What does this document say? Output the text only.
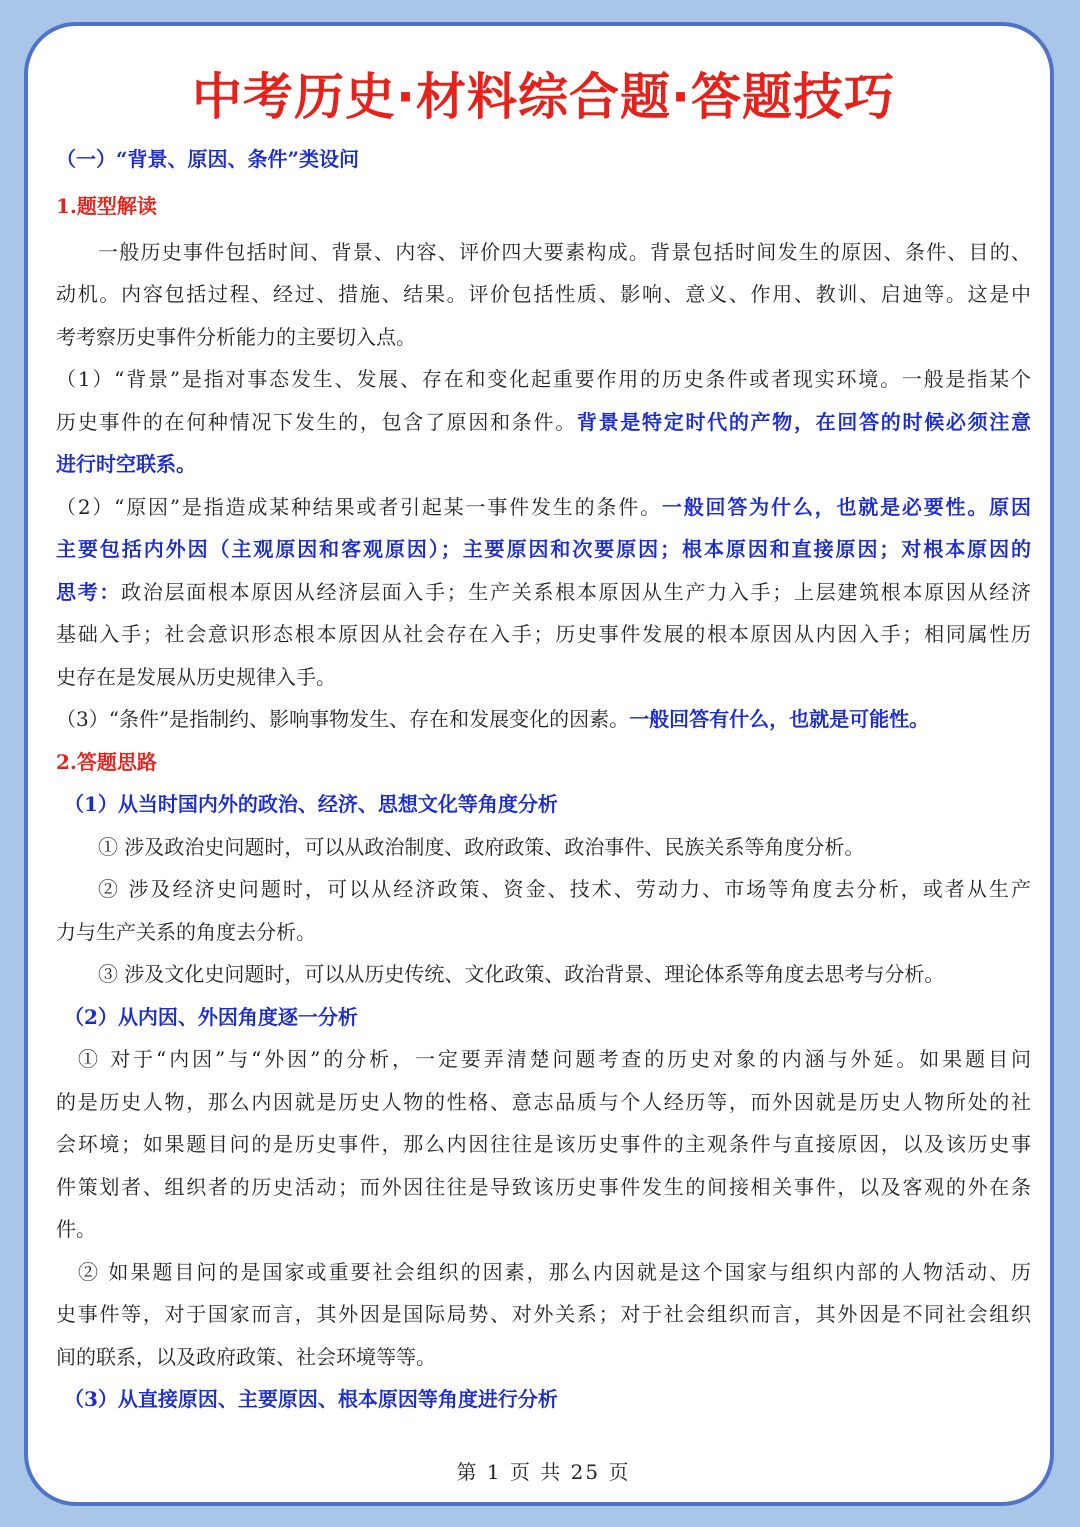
中考历史·材料综合题·答题技巧
（一）“背景、原因、条件”类设问
1.题型解读
一般历史事件包括时间、背景、内容、评价四大要素构成。背景包括时间发生的原因、条件、目的、
动机。内容包括过程、经过、措施、结果。评价包括性质、影响、意义、作用、教训、启迪等。这是中
考考察历史事件分析能力的主要切入点。
（1）“背景”是指对事态发生、发展、存在和变化起重要作用的历史条件或者现实环境。一般是指某个
历史事件的在何种情况下发生的，包含了原因和条件。背景是特定时代的产物，在回答的时候必须注意
进行时空联系。
（2）“原因”是指造成某种结果或者引起某一事件发生的条件。一般回答为什么，也就是必要性。原因
主要包括内外因（主观原因和客观原因）；主要原因和次要原因；根本原因和直接原因；对根本原因的
思考：政治层面根本原因从经济层面入手；生产关系根本原因从生产力入手；上层建筑根本原因从经济
基础入手；社会意识形态根本原因从社会存在入手；历史事件发展的根本原因从内因入手；相同属性历
史存在是发展从历史规律入手。
（3）“条件”是指制约、影响事物发生、存在和发展变化的因素。一般回答有什么，也就是可能性。
2.答题思路
（1）从当时国内外的政治、经济、思想文化等角度分析
① 涉及政治史问题时，可以从政治制度、政府政策、政治事件、民族关系等角度分析。
② 涉及经济史问题时，可以从经济政策、资金、技术、劳动力、市场等角度去分析，或者从生产
力与生产关系的角度去分析。
③ 涉及文化史问题时，可以从历史传统、文化政策、政治背景、理论体系等角度去思考与分析。
（2）从内因、外因角度逐一分析
① 对于“内因”与“外因”的分析，一定要弄清楚问题考查的历史对象的内涵与外延。如果题目问
的是历史人物，那么内因就是历史人物的性格、意志品质与个人经历等，而外因就是历史人物所处的社
会环境；如果题目问的是历史事件，那么内因往往是该历史事件的主观条件与直接原因，以及该历史事
件策划者、组织者的历史活动；而外因往往是导致该历史事件发生的间接相关事件，以及客观的外在条
件。
② 如果题目问的是国家或重要社会组织的因素，那么内因就是这个国家与组织内部的人物活动、历
史事件等，对于国家而言，其外因是国际局势、对外关系；对于社会组织而言，其外因是不同社会组织
间的联系，以及政府政策、社会环境等等。
（3）从直接原因、主要原因、根本原因等角度进行分析
第 1 页 共 25 页
